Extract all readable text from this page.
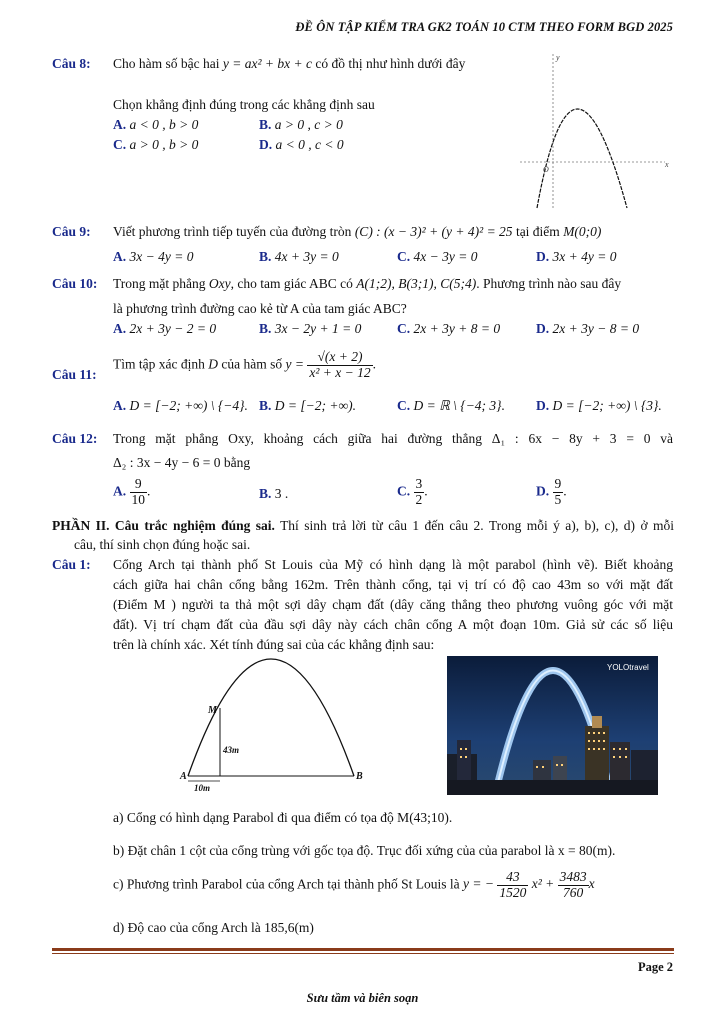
ĐỀ ÔN TẬP KIỂM TRA GK2 TOÁN 10 CTM THEO FORM BGD 2025
Câu 8: Cho hàm số bậc hai y = ax² + bx + c có đồ thị như hình dưới đây
Chọn khẳng định đúng trong các khẳng định sau
A. a < 0 , b > 0	B. a > 0 , c > 0
C. a > 0 , b > 0	D. a < 0 , c < 0
x
y
O
Câu 9: Viết phương trình tiếp tuyến của đường tròn (C) : (x − 3)² + (y + 4)² = 25 tại điểm M(0;0)
A. 3x − 4y = 0	B. 4x + 3y = 0	C. 4x − 3y = 0	D. 3x + 4y = 0
Câu 10: Trong mặt phẳng Oxy, cho tam giác ABC có A(1;2), B(3;1), C(5;4). Phương trình nào sau đây
là phương trình đường cao kẻ từ A của tam giác ABC?
A. 2x + 3y − 2 = 0	B. 3x − 2y + 1 = 0	C. 2x + 3y + 8 = 0	D. 2x + 3y − 8 = 0
Câu 11:
Tìm tập xác định D của hàm số $y = \frac{√(x + 2)}{\text{x² + x − 12}}$ .
A. D = [−2; +∞) \ {−4}. B. D = [−2; +∞).	C. D = ℝ \ {−4; 3}. D. D = [−2; +∞) \ {3}.
Câu 12: Trong mặt phẳng Oxy, khoảng cách giữa hai đường thẳng Δ₁ : 6x − 8y + 3 = 0 và
Δ₂ : 3x − 4y − 6 = 0 bằng
A. $\frac{9}{10}$ .	B. 3 .	C. $\frac{3}{2}$ .	D. $\frac{9}{5}$ .
PHẦN II. Câu trắc nghiệm đúng sai. Thí sinh trả lời từ câu 1 đến câu 2. Trong mỗi ý a), b), c), d) ở mỗi
câu, thí sinh chọn đúng hoặc sai.
Câu 1: Cổng Arch tại thành phố St Louis của Mỹ có hình dạng là một parabol (hình vẽ). Biết khoảng
cách giữa hai chân cổng bằng 162m. Trên thành cổng, tại vị trí có độ cao 43m so với mặt đất
(Điểm M ) người ta thả một sợi dây chạm đất (dây căng thẳng theo phương vuông góc với mặt
đất). Vị trí chạm đất của đầu sợi dây này cách chân cổng A một đoạn 10m. Giả sử các số liệu
trên là chính xác. Xét tính đúng sai của các khẳng định sau:
M
A	B
43m
10m
YOLOtravel
a) Cổng có hình dạng Parabol đi qua điểm có tọa độ M(43;10).
b) Đặt chân 1 cột của cổng trùng với gốc tọa độ. Trục đối xứng của của parabol là x = 80(m).
c) Phương trình Parabol của cổng Arch tại thành phố St Louis là y = − $\frac{43}{1520} x^2 + \frac{3483}{760}$ x
d) Độ cao của cổng Arch là 185,6(m)
Page 2
Sưu tầm và biên soạn
